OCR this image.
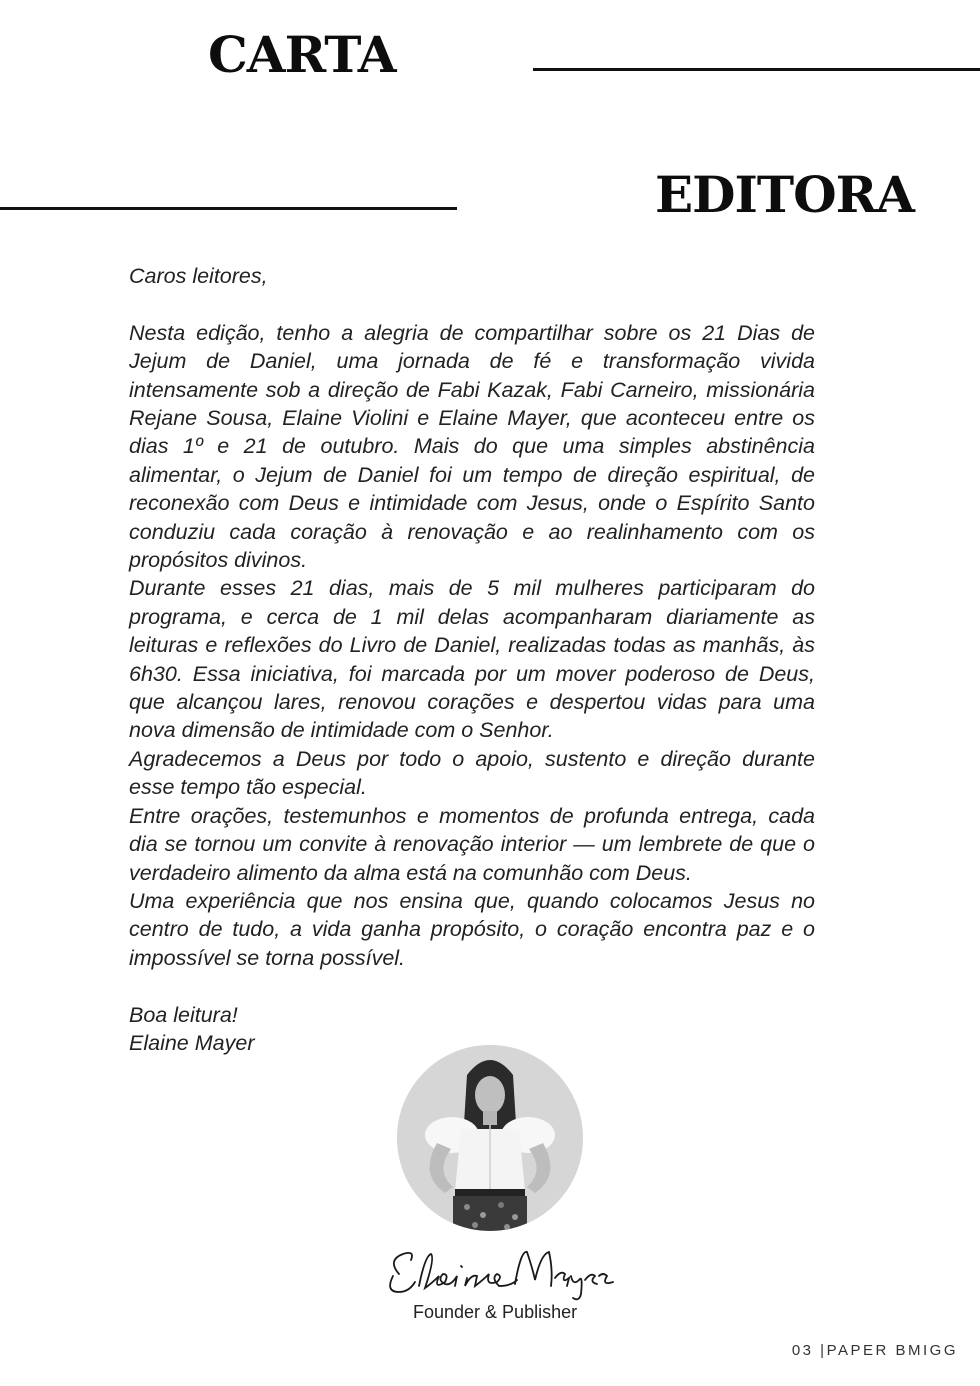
CARTA
EDITORA

Caros leitores,

Nesta edição, tenho a alegria de compartilhar sobre os 21 Dias de Jejum de Daniel, uma jornada de fé e transformação vivida intensamente sob a direção de Fabi Kazak, Fabi Carneiro, missionária Rejane Sousa, Elaine Violini e Elaine Mayer, que aconteceu entre os dias 1º e 21 de outubro. Mais do que uma simples abstinência alimentar, o Jejum de Daniel foi um tempo de direção espiritual, de reconexão com Deus e intimidade com Jesus, onde o Espírito Santo conduziu cada coração à renovação e ao realinhamento com os propósitos divinos.

Durante esses 21 dias, mais de 5 mil mulheres participaram do programa, e cerca de 1 mil delas acompanharam diariamente as leituras e reflexões do Livro de Daniel, realizadas todas as manhãs, às 6h30. Essa iniciativa, foi marcada por um mover poderoso de Deus, que alcançou lares, renovou corações e despertou vidas para uma nova dimensão de intimidade com o Senhor.

Agradecemos a Deus por todo o apoio, sustento e direção durante esse tempo tão especial.

Entre orações, testemunhos e momentos de profunda entrega, cada dia se tornou um convite à renovação interior — um lembrete de que o verdadeiro alimento da alma está na comunhão com Deus.

Uma experiência que nos ensina que, quando colocamos Jesus no centro de tudo, a vida ganha propósito, o coração encontra paz e o impossível se torna possível.

Boa leitura!
Elaine Mayer

Founder & Publisher
03 |PAPER BMIGG
